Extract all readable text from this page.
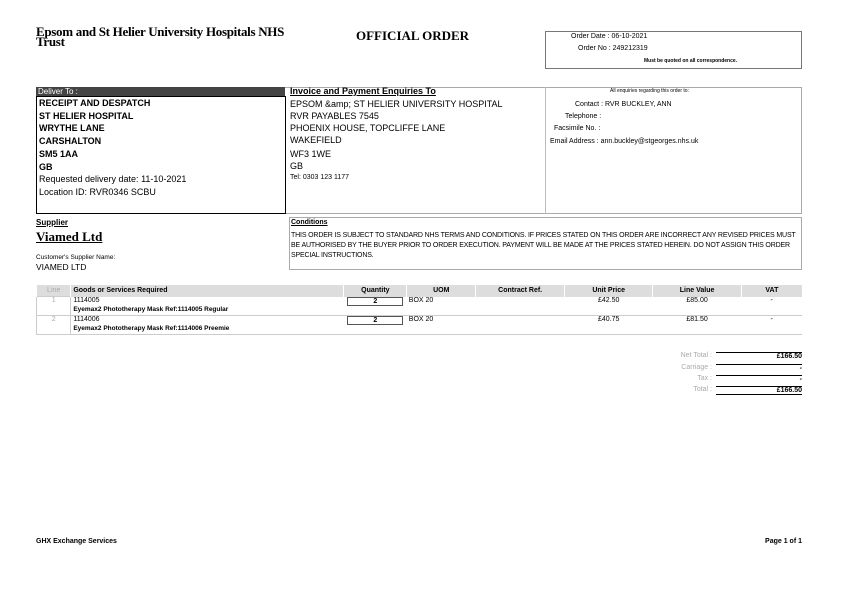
Epsom and St Helier University Hospitals NHS Trust	OFFICIAL ORDER	Order Date : 06-10-2021
Order No : 249212319
Must be quoted on all correspondence.
Deliver To :
RECEIPT AND DESPATCH
ST HELIER HOSPITAL
WRYTHE LANE
CARSHALTON
SM5 1AA
GB
Requested delivery date: 11-10-2021
Location ID: RVR0346 SCBU
Invoice and Payment Enquiries To
EPSOM &amp; ST HELIER UNIVERSITY HOSPITAL
RVR PAYABLES 7545
PHOENIX HOUSE, TOPCLIFFE LANE
WAKEFIELD
WF3 1WE
GB
Tel: 0303 123 1177
All enquiries regarding this order to:
Contact : RVR BUCKLEY, ANN
Telephone :
Facsimile No. :
Email Address : ann.buckley@stgeorges.nhs.uk
Supplier
Viamed Ltd
Customer's Supplier Name:
VIAMED LTD
Conditions
THIS ORDER IS SUBJECT TO STANDARD NHS TERMS AND CONDITIONS. IF PRICES STATED ON THIS ORDER ARE INCORRECT ANY REVISED PRICES MUST BE AUTHORISED BY THE BUYER PRIOR TO ORDER EXECUTION. PAYMENT WILL BE MADE AT THE PRICES STATED HEREIN. DO NOT ASSIGN THIS ORDER SPECIAL INSTRUCTIONS.
Line	Goods or Services Required	Quantity	UOM	Contract Ref.	Unit Price	Line Value	VAT
1	1114005	2	BOX 20		£42.50	£85.00	-
	Eyemax2 Phototherapy Mask Ref:1114005 Regular						
2	1114006	2	BOX 20		£40.75	£81.50	-
	Eyemax2 Phototherapy Mask Ref:1114006 Preemie						
Net Total :	£166.50
Carriage :	-
Tax :	-
Total :	£166.50
GHX Exchange Services	Page 1 of 1
